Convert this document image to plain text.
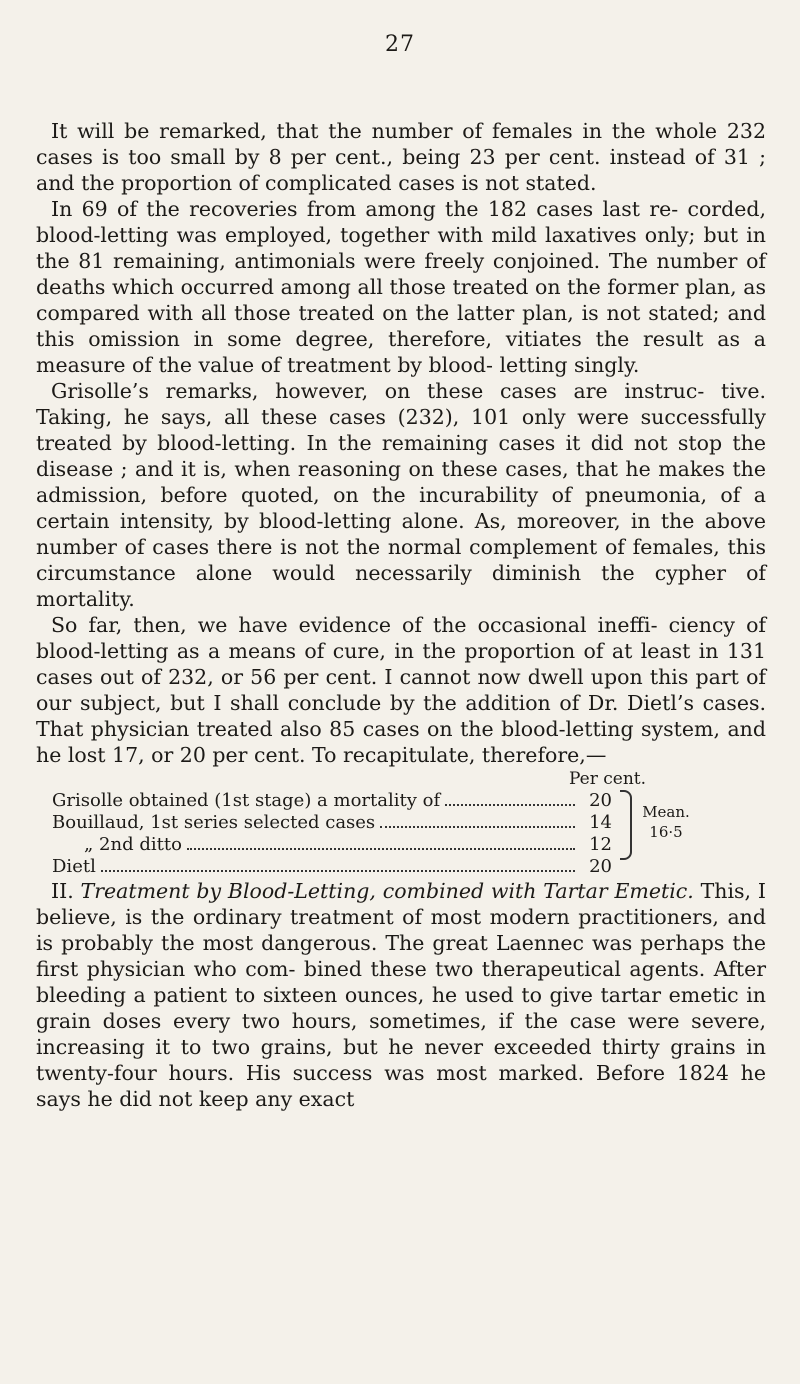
27

It will be remarked, that the number of females in the whole 232 cases is too small by 8 per cent., being 23 per cent. instead of 31 ; and the proportion of complicated cases is not stated.

In 69 of the recoveries from among the 182 cases last re- corded, blood-letting was employed, together with mild laxatives only; but in the 81 remaining, antimonials were freely conjoined. The number of deaths which occurred among all those treated on the former plan, as compared with all those treated on the latter plan, is not stated; and this omission in some degree, therefore, vitiates the result as a measure of the value of treatment by blood- letting singly.

Grisolle’s remarks, however, on these cases are instruc- tive. Taking, he says, all these cases (232), 101 only were successfully treated by blood-letting. In the remaining cases it did not stop the disease ; and it is, when reasoning on these cases, that he makes the admission, before quoted, on the incurability of pneumonia, of a certain intensity, by blood-letting alone. As, moreover, in the above number of cases there is not the normal complement of females, this circumstance alone would necessarily diminish the cypher of mortality.

So far, then, we have evidence of the occasional ineffi- ciency of blood-letting as a means of cure, in the proportion of at least in 131 cases out of 232, or 56 per cent. I cannot now dwell upon this part of our subject, but I shall conclude by the addition of Dr. Dietl’s cases. That physician treated also 85 cases on the blood-letting system, and he lost 17, or 20 per cent. To recapitulate, therefore,—

Per cent.
Grisolle obtained (1st stage) a mortality of	20
Bouillaud, 1st series selected cases	14
„ 2nd ditto	12
Dietl	20
Mean.
16·5

II. Treatment by Blood-Letting, combined with Tartar Emetic. This, I believe, is the ordinary treatment of most modern practitioners, and is probably the most dangerous. The great Laennec was perhaps the first physician who com- bined these two therapeutical agents. After bleeding a patient to sixteen ounces, he used to give tartar emetic in grain doses every two hours, sometimes, if the case were severe, increasing it to two grains, but he never exceeded thirty grains in twenty-four hours. His success was most marked. Before 1824 he says he did not keep any exact
